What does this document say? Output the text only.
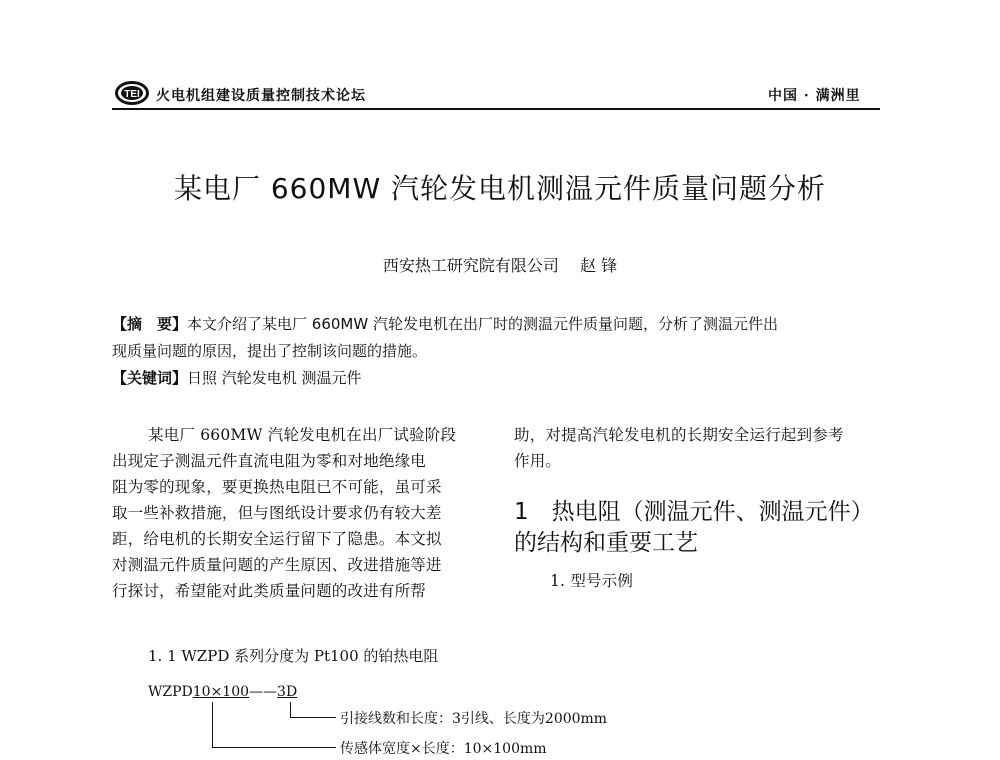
TEI 火电机组建设质量控制技术论坛	中国 · 满洲里
某电厂 660MW 汽轮发电机测温元件质量问题分析
西安热工研究院有限公司 赵 锋
【摘　要】本文介绍了某电厂 660MW 汽轮发电机在出厂时的测温元件质量问题，分析了测温元件出
现质量问题的原因，提出了控制该问题的措施。
【关键词】日照 汽轮发电机 测温元件
某电厂 660MW 汽轮发电机在出厂试验阶段
出现定子测温元件直流电阻为零和对地绝缘电
阻为零的现象，要更换热电阻已不可能，虽可采
取一些补救措施，但与图纸设计要求仍有较大差
距，给电机的长期安全运行留下了隐患。本文拟
对测温元件质量问题的产生原因、改进措施等进
行探讨，希望能对此类质量问题的改进有所帮
助，对提高汽轮发电机的长期安全运行起到参考
作用。
1　热电阻（测温元件、测温元件）
的结构和重要工艺
1. 型号示例
1. 1 WZPD 系列分度为 Pt100 的铂热电阻
WZPD10×100——3D
引接线数和长度：3引线、长度为2000mm
传感体宽度×长度：10×100mm
